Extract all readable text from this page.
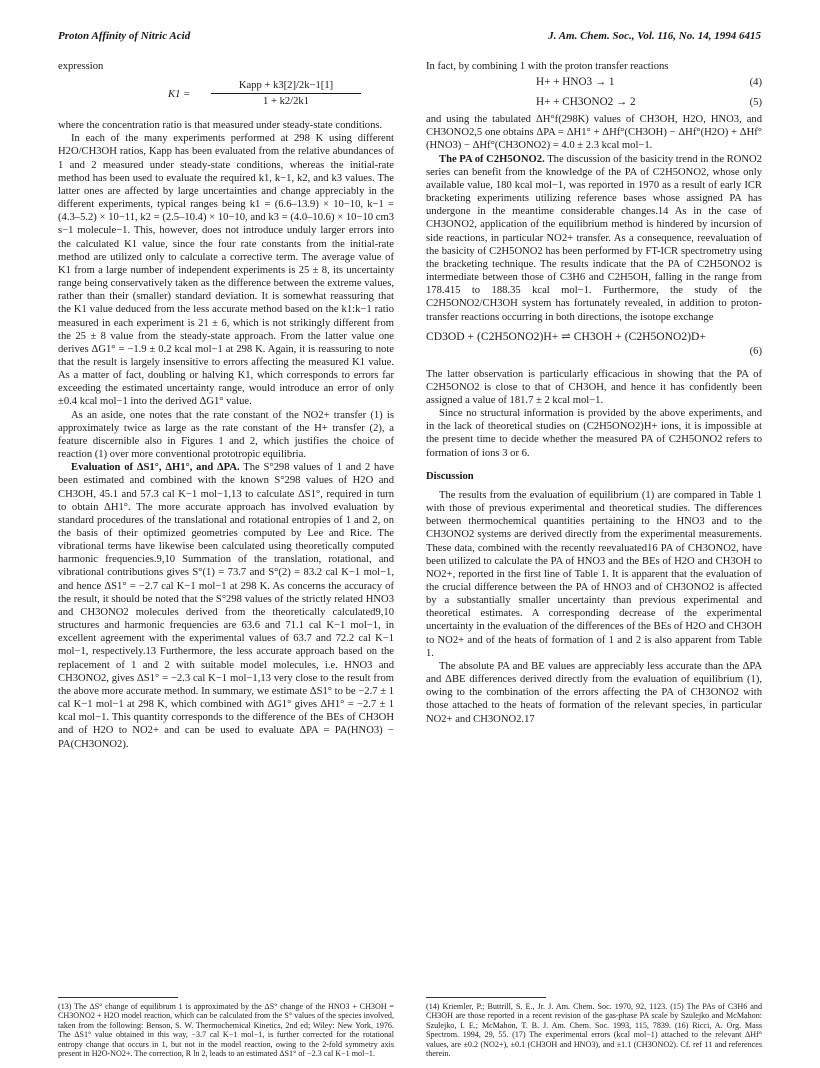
Proton Affinity of Nitric Acid	J. Am. Chem. Soc., Vol. 116, No. 14, 1994 6415

expression

K1 =
Kapp + k3[2]/2k−1[1]
1 + k2/2k1

where the concentration ratio is that measured under steady-state conditions.

In each of the many experiments performed at 298 K using different H2O/CH3OH ratios, Kapp has been evaluated from the relative abundances of 1 and 2 measured under steady-state conditions, whereas the initial-rate method has been used to evaluate the required k1, k−1, k2, and k3 values. The latter ones are affected by large uncertainties and change appreciably in the different experiments, typical ranges being k1 = (6.6–13.9) × 10−10, k−1 = (4.3–5.2) × 10−11, k2 = (2.5–10.4) × 10−10, and k3 = (4.0–10.6) × 10−10 cm3 s−1 molecule−1. This, however, does not introduce unduly larger errors into the calculated K1 value, since the four rate constants from the initial-rate method are utilized only to calculate a corrective term. The average value of K1 from a large number of independent experiments is 25 ± 8, its uncertainty range being conservatively taken as the difference between the extreme values, rather than their (smaller) standard deviation. It is somewhat reassuring that the K1 value deduced from the less accurate method based on the k1:k−1 ratio measured in each experiment is 21 ± 6, which is not strikingly different from the 25 ± 8 value from the steady-state approach. From the latter value one derives ΔG1° = −1.9 ± 0.2 kcal mol−1 at 298 K. Again, it is reassuring to note that the result is largely insensitive to errors affecting the measured K1 value. As a matter of fact, doubling or halving K1, which corresponds to errors far exceeding the estimated uncertainty range, would introduce an error of only ±0.4 kcal mol−1 into the derived ΔG1° value.

As an aside, one notes that the rate constant of the NO2+ transfer (1) is approximately twice as large as the rate constant of the H+ transfer (2), a feature discernible also in Figures 1 and 2, which justifies the choice of reaction (1) over more conventional prototropic equilibria.

Evaluation of ΔS1°, ΔH1°, and ΔPA. The S°298 values of 1 and 2 have been estimated and combined with the known S°298 values of H2O and CH3OH, 45.1 and 57.3 cal K−1 mol−1,13 to calculate ΔS1°, required in turn to obtain ΔH1°. The more accurate approach has involved evaluation by standard procedures of the translational and rotational entropies of 1 and 2, on the basis of their optimized geometries computed by Lee and Rice. The vibrational terms have likewise been calculated using theoretically computed harmonic frequencies.9,10 Summation of the translation, rotational, and vibrational contributions gives S°(1) = 73.7 and S°(2) = 83.2 cal K−1 mol−1, and hence ΔS1° = −2.7 cal K−1 mol−1 at 298 K. As concerns the accuracy of the result, it should be noted that the S°298 values of the strictly related HNO3 and CH3ONO2 molecules derived from the theoretically calculated9,10 structures and harmonic frequencies are 63.6 and 71.1 cal K−1 mol−1, in excellent agreement with the experimental values of 63.7 and 72.2 cal K−1 mol−1, respectively.13 Furthermore, the less accurate approach based on the replacement of 1 and 2 with suitable model molecules, i.e. HNO3 and CH3ONO2, gives ΔS1° = −2.3 cal K−1 mol−1,13 very close to the result from the above more accurate method. In summary, we estimate ΔS1° to be −2.7 ± 1 cal K−1 mol−1 at 298 K, which combined with ΔG1° gives ΔH1° = −2.7 ± 1 kcal mol−1. This quantity corresponds to the difference of the BEs of CH3OH and of H2O to NO2+ and can be used to evaluate ΔPA = PA(HNO3) − PA(CH3ONO2).

In fact, by combining 1 with the proton transfer reactions

H+ + HNO3 → 1	(4)
H+ + CH3ONO2 → 2	(5)

and using the tabulated ΔH°f(298K) values of CH3OH, H2O, HNO3, and CH3ONO2,5 one obtains ΔPA = ΔH1° + ΔHf°(CH3OH) − ΔHf°(H2O) + ΔHf°(HNO3) − ΔHf°(CH3ONO2) = 4.0 ± 2.3 kcal mol−1.

The PA of C2H5ONO2. The discussion of the basicity trend in the RONO2 series can benefit from the knowledge of the PA of C2H5ONO2, whose only available value, 180 kcal mol−1, was reported in 1970 as a result of early ICR bracketing experiments utilizing reference bases whose assigned PA has undergone in the meantime considerable changes.14 As in the case of CH3ONO2, application of the equilibrium method is hindered by incursion of side reactions, in particular NO2+ transfer. As a consequence, reevaluation of the basicity of C2H5ONO2 has been performed by FT-ICR spectrometry using the bracketing technique. The results indicate that the PA of C2H5ONO2 is intermediate between those of C3H6 and C2H5OH, falling in the range from 178.415 to 188.35 kcal mol−1. Furthermore, the study of the C2H5ONO2/CH3OH system has fortunately revealed, in addition to proton-transfer reactions occurring in both directions, the isotope exchange

CD3OD + (C2H5ONO2)H+ ⇌ CH3OH + (C2H5ONO2)D+
(6)

The latter observation is particularly efficacious in showing that the PA of C2H5ONO2 is close to that of CH3OH, and hence it has confidently been assigned a value of 181.7 ± 2 kcal mol−1.

Since no structural information is provided by the above experiments, and in the lack of theoretical studies on (C2H5ONO2)H+ ions, it is impossible at the present time to decide whether the measured PA of C2H5ONO2 refers to formation of ions 3 or 6.

Discussion

The results from the evaluation of equilibrium (1) are compared in Table 1 with those of previous experimental and theoretical studies. The differences between thermochemical quantities pertaining to the HNO3 and to the CH3ONO2 systems are derived directly from the experimental measurements. These data, combined with the recently reevaluated16 PA of CH3ONO2, have been utilized to calculate the PA of HNO3 and the BEs of H2O and CH3OH to NO2+, reported in the first line of Table 1. It is apparent that the evaluation of the crucial difference between the PA of HNO3 and of CH3ONO2 is affected by a substantially smaller uncertainty than previous experimental and theoretical estimates. A corresponding decrease of the experimental uncertainty in the evaluation of the differences of the BEs of H2O and CH3OH to NO2+ and of the heats of formation of 1 and 2 is also apparent from Table 1.

The absolute PA and BE values are appreciably less accurate than the ΔPA and ΔBE differences derived directly from the evaluation of equilibrium (1), owing to the combination of the errors affecting the PA of CH3ONO2 with those attached to the heats of formation of the relevant species, in particular NO2+ and CH3ONO2.17

(13) The ΔS° change of equilibrum 1 is approximated by the ΔS° change of the HNO3 + CH3OH = CH3ONO2 + H2O model reaction, which can be calculated from the S° values of the species involved, taken from the following: Benson, S. W. Thermochemical Kinetics, 2nd ed; Wiley: New York, 1976. The ΔS1° value obtained in this way, −3.7 cal K−1 mol−1, is further corrected for the rotational entropy change that occurs in 1, but not in the model reaction, owing to the 2-fold symmetry axis present in H2O-NO2+. The correction, R ln 2, leads to an estimated ΔS1° of −2.3 cal K−1 mol−1.
(14) Kriemler, P.; Buttrill, S. E., Jr. J. Am. Chem. Soc. 1970, 92, 1123. (15) The PAs of C3H6 and CH3OH are those reported in a recent revision of the gas-phase PA scale by Szulejko and McMahon: Szulejko, I. E.; McMahon, T. B. J. Am. Chem. Soc. 1993, 115, 7839. (16) Ricci, A. Org. Mass Spectrom. 1994, 29, 55. (17) The experimental errors (kcal mol−1) attached to the relevant ΔHf° values, are ±0.2 (NO2+), ±0.1 (CH3OH and HNO3), and ±1.1 (CH3ONO2). Cf. ref 11 and references therein.
